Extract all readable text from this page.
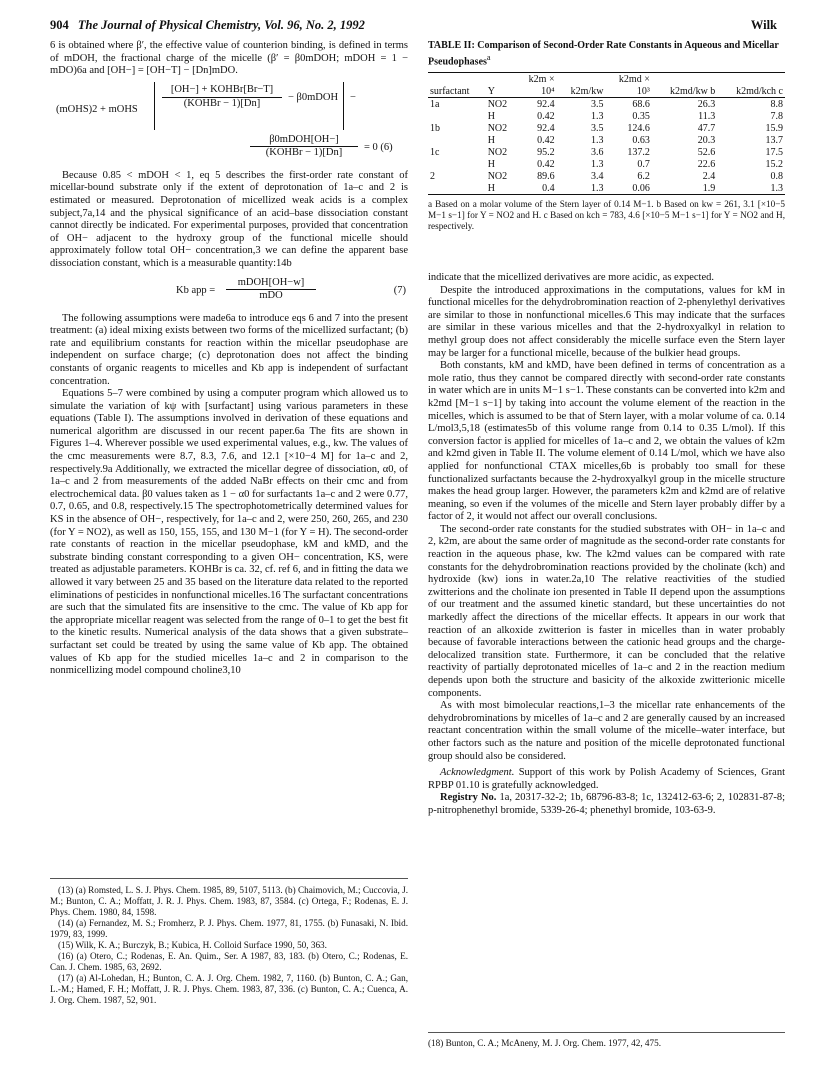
904 The Journal of Physical Chemistry, Vol. 96, No. 2, 1992	Wilk

6 is obtained where β′, the effective value of counterion binding, is defined in terms of mDOH, the fractional charge of the micelle (β′ = β0mDOH; mDOH = 1 − mDO)6a and [OH−] = [OH−T] − [Dn]mDO.

(mOHS)2 + mOHS
[OH−] + KOHBr[Br−T]
(KOHBr − 1)[Dn]
− β0mDOH −
β0mDOH[OH−]
(KOHBr − 1)[Dn]
= 0 (6)

Because 0.85 < mDOH < 1, eq 5 describes the first-order rate constant of micellar-bound substrate only if the extent of deprotonation of 1a–c and 2 is estimated or measured. Deprotonation of micellized weak acids is a complex subject,7a,14 and the physical significance of an acid–base dissociation constant cannot directly be indicated. For experimental purposes, provided that concentration of OH− adjacent to the hydroxy group of the functional micelle should approximately follow total OH− concentration,3 we can define the apparent base dissociation constant, which is a measurable quantity:14b

Kb app =
mDOH[OH−w]
mDO
(7)

The following assumptions were made6a to introduce eqs 6 and 7 into the present treatment: (a) ideal mixing exists between two forms of the micellized surfactant; (b) rate and equilibrium constants for reaction within the micellar pseudophase are independent on surface charge; (c) deprotonation does not affect the binding constants of organic reagents to micelles and Kb app is independent of surfactant concentration.

Equations 5–7 were combined by using a computer program which allowed us to simulate the variation of kψ with [surfactant] using various parameters in these equations (Table I). The assumptions involved in derivation of these equations and numerical algorithm are discussed in our recent paper.6a The fits are shown in Figures 1–4. Wherever possible we used experimental values, e.g., kw. The values of the cmc measurements were 8.7, 8.3, 7.6, and 12.1 [×10−4 M] for 1a–c and 2, respectively.9a Additionally, we extracted the micellar degree of dissociation, α0, of 1a–c and 2 from measurements of the added NaBr effects on their cmc and from electrochemical data. β0 values taken as 1 − α0 for surfactants 1a–c and 2 were 0.77, 0.7, 0.65, and 0.8, respectively.15 The spectrophotometrically determined values for KS in the absence of OH−, respectively, for 1a–c and 2, were 250, 260, 265, and 230 (for Y = NO2), as well as 150, 155, 155, and 130 M−1 (for Y = H). The second-order rate constants of reaction in the micellar pseudophase, kM and kMD, and the substrate binding constant corresponding to a given OH− concentration, KS, were treated as adjustable parameters. KOHBr is ca. 32, cf. ref 6, and in fitting the data we allowed it vary between 25 and 35 based on the literature data related to the reported eliminations of pesticides in nonfunctional micelles.16 The surfactant concentrations are such that the simulated fits are insensitive to the cmc. The value of Kb app for the appropriate micellar reagent was selected from the range of 0–1 to get the best fit to the kinetic results. Numerical analysis of the data shows that a given substrate–surfactant set could be treated by using the same value of Kb app. The obtained values of Kb app for the studied micelles 1a–c and 2 in comparison to the nonmicellizing model compound choline3,10

(13) (a) Romsted, L. S. J. Phys. Chem. 1985, 89, 5107, 5113. (b) Chaimovich, M.; Cuccovia, J. M.; Bunton, C. A.; Moffatt, J. R. J. Phys. Chem. 1983, 87, 3584. (c) Ortega, F.; Rodenas, E. J. Phys. Chem. 1980, 84, 1598.

(14) (a) Fernandez, M. S.; Fromherz, P. J. Phys. Chem. 1977, 81, 1755. (b) Funasaki, N. Ibid. 1979, 83, 1999.

(15) Wilk, K. A.; Burczyk, B.; Kubica, H. Colloid Surface 1990, 50, 363.

(16) (a) Otero, C.; Rodenas, E. An. Quim., Ser. A 1987, 83, 183. (b) Otero, C.; Rodenas, E. Can. J. Chem. 1985, 63, 2692.

(17) (a) Al-Lohedan, H.; Bunton, C. A. J. Org. Chem. 1982, 7, 1160. (b) Bunton, C. A.; Gan, L.-M.; Hamed, F. H.; Moffatt, J. R. J. Phys. Chem. 1983, 87, 336. (c) Bunton, C. A.; Cuenca, A. J. Org. Chem. 1987, 52, 901.

TABLE II: Comparison of Second-Order Rate Constants in Aqueous and Micellar Pseudophases$^a$
		k2m ×		k2md ×		
surfactant	Y	10⁴	k2m/kw	10³	k2md/kw b	k2md/kch c
1a	NO2	92.4	3.5	68.6	26.3	8.8
	H	0.42	1.3	0.35	11.3	7.8
1b	NO2	92.4	3.5	124.6	47.7	15.9
	H	0.42	1.3	0.63	20.3	13.7
1c	NO2	95.2	3.6	137.2	52.6	17.5
	H	0.42	1.3	0.7	22.6	15.2
2	NO2	89.6	3.4	6.2	2.4	0.8
	H	0.4	1.3	0.06	1.9	1.3
a Based on a molar volume of the Stern layer of 0.14 M−1. b Based on kw = 261, 3.1 [×10−5 M−1 s−1] for Y = NO2 and H. c Based on kch = 783, 4.6 [×10−5 M−1 s−1] for Y = NO2 and H, respectively.

indicate that the micellized derivatives are more acidic, as expected.

Despite the introduced approximations in the computations, values for kM in functional micelles for the dehydrobromination reaction of 2-phenylethyl derivatives are similar to those in nonfunctional micelles.6 This may indicate that the surfaces are similar in these various micelles and that the 2-hydroxyalkyl in relation to methyl group does not affect considerably the micelle surface even the Stern layer may be larger for a functional micelle, because of the bulkier head groups.

Both constants, kM and kMD, have been defined in terms of concentration as a mole ratio, thus they cannot be compared directly with second-order rate constants in water which are in units M−1 s−1. These constants can be converted into k2m and k2md [M−1 s−1] by taking into account the volume element of the reaction in the micelles, which is assumed to be that of Stern layer, with a molar volume of ca. 0.14 L/mol3,5,18 (estimates5b of this volume range from 0.14 to 0.35 L/mol). If this conversion factor is applied for micelles of 1a–c and 2, we obtain the values of k2m and k2md given in Table II. The volume element of 0.14 L/mol, which we have also applied for nonfunctional CTAX micelles,6b is probably too small for these functionalized surfactants because the 2-hydroxyalkyl group in the micelle structure makes the head group larger. However, the parameters k2m and k2md are of relative meaning, so even if the volumes of the micelle and Stern layer probably differ by a factor of 2, it would not affect our overall conclusions.

The second-order rate constants for the studied substrates with OH− in 1a–c and 2, k2m, are about the same order of magnitude as the second-order rate constants for reaction in the aqueous phase, kw. The k2md values can be compared with rate constants for the dehydrobromination reactions provided by the cholinate (kch) and hydroxide (kw) ions in water.2a,10 The relative reactivities of the studied zwitterions and the cholinate ion presented in Table II depend upon the assumptions of our treatment and the assumed kinetic standard, but these uncertainties do not markedly affect the directions of the micellar effects. It appears in our work that reaction of an alkoxide zwitterion is faster in micelles than in water probably because of favorable interactions between the cationic head groups and the charge-delocalized transition state. Furthermore, it can be concluded that the relative reactivity of partially deprotonated micelles of 1a–c and 2 in the reaction medium depends upon both the structure and basicity of the alkoxide zwitterionic micelle components.

As with most bimolecular reactions,1–3 the micellar rate enhancements of the dehydrobrominations by micelles of 1a–c and 2 are generally caused by an increased reactant concentration within the small volume of the micelle–water interface, but other factors such as the nature and position of the micelle deprotonated functional group should also be considered.

Acknowledgment. Support of this work by Polish Academy of Sciences, Grant RPBP 01.10 is gratefully acknowledged.

Registry No. 1a, 20317-32-2; 1b, 68796-83-8; 1c, 132412-63-6; 2, 102831-87-8; p-nitrophenethyl bromide, 5339-26-4; phenethyl bromide, 103-63-9.

(18) Bunton, C. A.; McAneny, M. J. Org. Chem. 1977, 42, 475.
